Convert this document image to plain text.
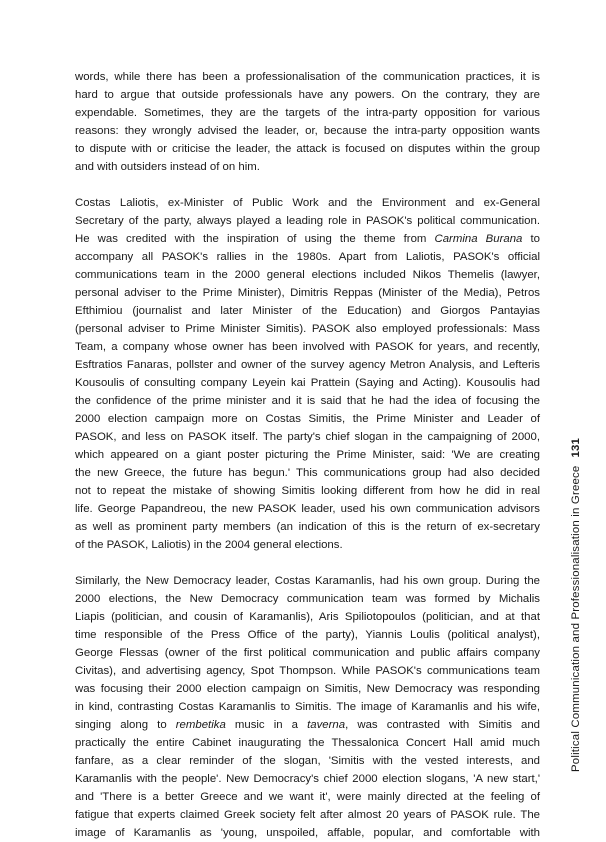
words, while there has been a professionalisation of the communication practices, it is
hard to argue that outside professionals have any powers. On the contrary, they are
expendable. Sometimes, they are the targets of the intra-party opposition for various
reasons: they wrongly advised the leader, or, because the intra-party opposition wants
to dispute with or criticise the leader, the attack is focused on disputes within the group
and with outsiders instead of on him.
Costas Laliotis, ex-Minister of Public Work and the Environment and ex-General
Secretary of the party, always played a leading role in PASOK's political communication.
He was credited with the inspiration of using the theme from Carmina Burana to
accompany all PASOK's rallies in the 1980s. Apart from Laliotis, PASOK's official
communications team in the 2000 general elections included Nikos Themelis (lawyer,
personal adviser to the Prime Minister), Dimitris Reppas (Minister of the Media), Petros
Efthimiou (journalist and later Minister of the Education) and Giorgos Pantayias
(personal adviser to Prime Minister Simitis). PASOK also employed professionals: Mass
Team, a company whose owner has been involved with PASOK for years, and recently,
Esftratios Fanaras, pollster and owner of the survey agency Metron Analysis, and Lefteris
Kousoulis of consulting company Leyein kai Prattein (Saying and Acting). Kousoulis had
the confidence of the prime minister and it is said that he had the idea of focusing the
2000 election campaign more on Costas Simitis, the Prime Minister and Leader of
PASOK, and less on PASOK itself. The party's chief slogan in the campaigning of 2000,
which appeared on a giant poster picturing the Prime Minister, said: 'We are creating
the new Greece, the future has begun.' This communications group had also decided
not to repeat the mistake of showing Simitis looking different from how he did in real
life. George Papandreou, the new PASOK leader, used his own communication advisors
as well as prominent party members (an indication of this is the return of ex-secretary
of the PASOK, Laliotis) in the 2004 general elections.
Similarly, the New Democracy leader, Costas Karamanlis, had his own group. During the
2000 elections, the New Democracy communication team was formed by Michalis
Liapis (politician, and cousin of Karamanlis), Aris Spiliotopoulos (politician, and at that
time responsible of the Press Office of the party), Yiannis Loulis (political analyst),
George Flessas (owner of the first political communication and public affairs company
Civitas), and advertising agency, Spot Thompson. While PASOK's communications team
was focusing their 2000 election campaign on Simitis, New Democracy was responding
in kind, contrasting Costas Karamanlis to Simitis. The image of Karamanlis and his wife,
singing along to rembetika music in a taverna, was contrasted with Simitis and
practically the entire Cabinet inaugurating the Thessalonica Concert Hall amid much
fanfare, as a clear reminder of the slogan, 'Simitis with the vested interests, and
Karamanlis with the people'. New Democracy's chief 2000 election slogans, 'A new start,'
and 'There is a better Greece and we want it', were mainly directed at the feeling of
fatigue that experts claimed Greek society felt after almost 20 years of PASOK rule. The
image of Karamanlis as 'young, unspoiled, affable, popular, and comfortable with
Political Communication and Professionalisation in Greece131
